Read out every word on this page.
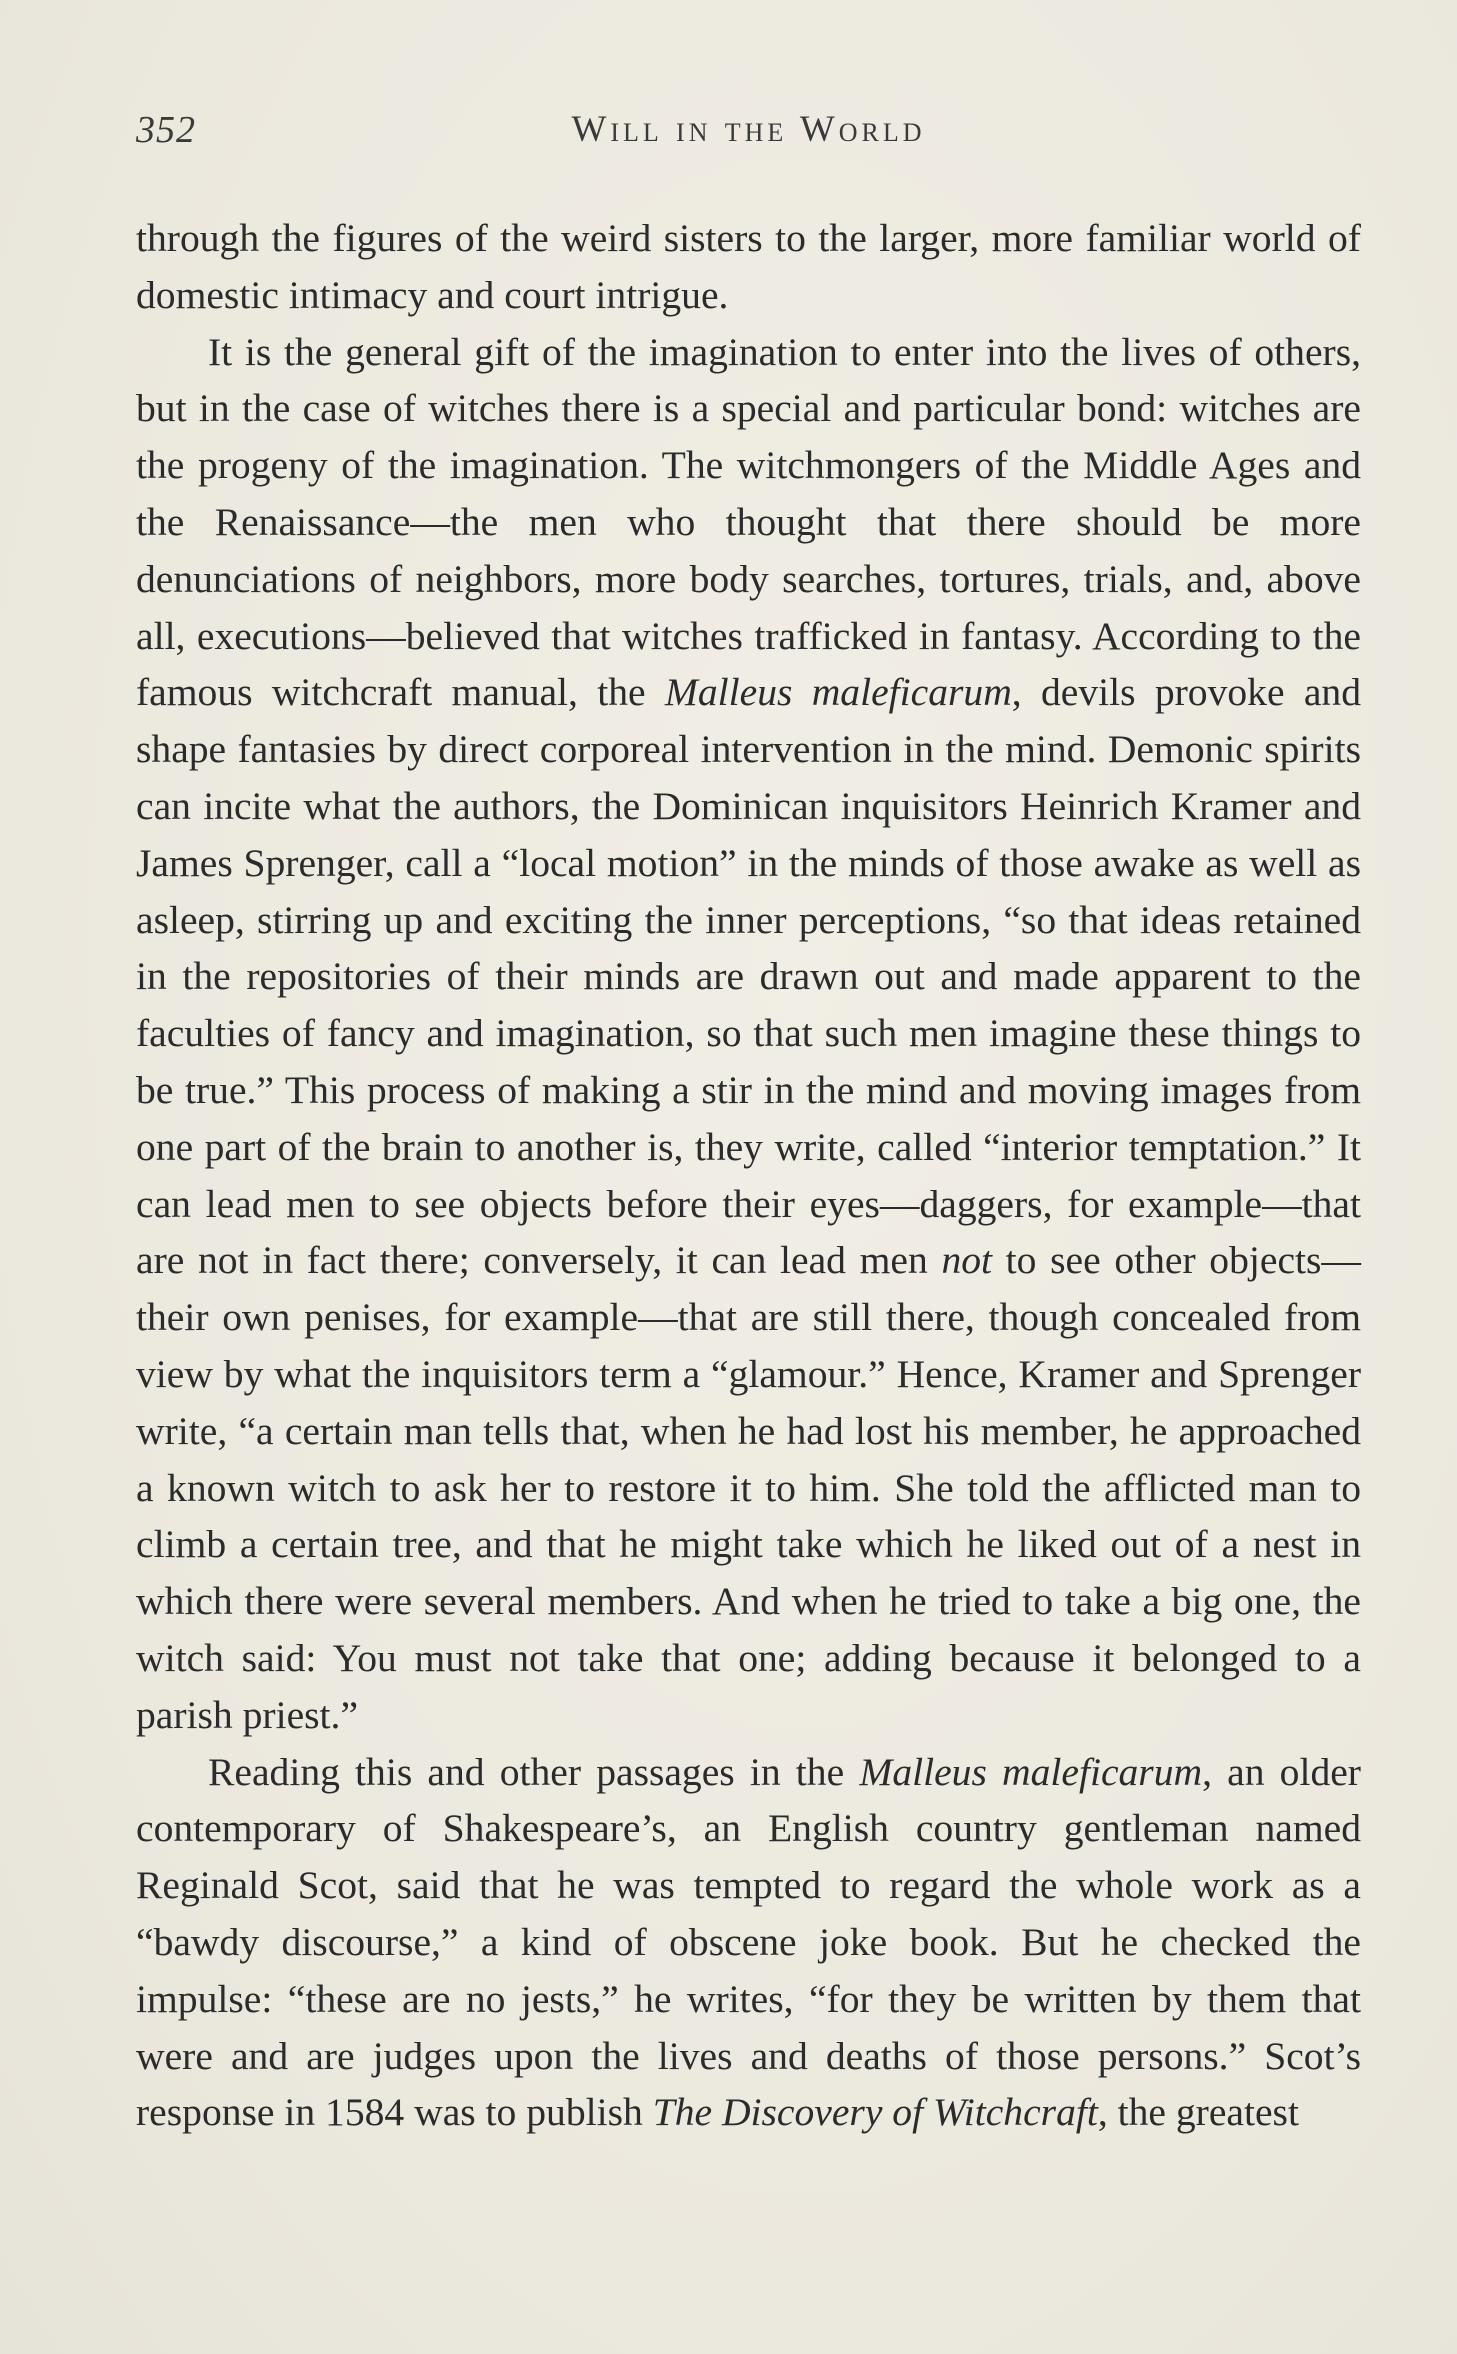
352	Will in the World

through the figures of the weird sisters to the larger, more familiar world of domestic intimacy and court intrigue.

It is the general gift of the imagination to enter into the lives of others, but in the case of witches there is a special and particular bond: witches are the progeny of the imagination. The witchmongers of the Middle Ages and the Renaissance—the men who thought that there should be more denunciations of neighbors, more body searches, tortures, trials, and, above all, executions—believed that witches trafficked in fantasy. According to the famous witchcraft manual, the Malleus maleficarum, devils provoke and shape fantasies by direct corporeal intervention in the mind. Demonic spirits can incite what the authors, the Dominican inquisitors Heinrich Kramer and James Sprenger, call a “local motion” in the minds of those awake as well as asleep, stirring up and exciting the inner perceptions, “so that ideas retained in the repositories of their minds are drawn out and made apparent to the faculties of fancy and imagination, so that such men imagine these things to be true.” This process of making a stir in the mind and moving images from one part of the brain to another is, they write, called “interior temptation.” It can lead men to see objects before their eyes—daggers, for example—that are not in fact there; conversely, it can lead men not to see other objects—their own penises, for example—that are still there, though concealed from view by what the inquisitors term a “glamour.” Hence, Kramer and Sprenger write, “a certain man tells that, when he had lost his member, he approached a known witch to ask her to restore it to him. She told the afflicted man to climb a certain tree, and that he might take which he liked out of a nest in which there were several members. And when he tried to take a big one, the witch said: You must not take that one; adding because it belonged to a parish priest.”

Reading this and other passages in the Malleus maleficarum, an older contemporary of Shakespeare’s, an English country gentleman named Reginald Scot, said that he was tempted to regard the whole work as a “bawdy discourse,” a kind of obscene joke book. But he checked the impulse: “these are no jests,” he writes, “for they be written by them that were and are judges upon the lives and deaths of those persons.” Scot’s response in 1584 was to publish The Discovery of Witchcraft, the greatest
